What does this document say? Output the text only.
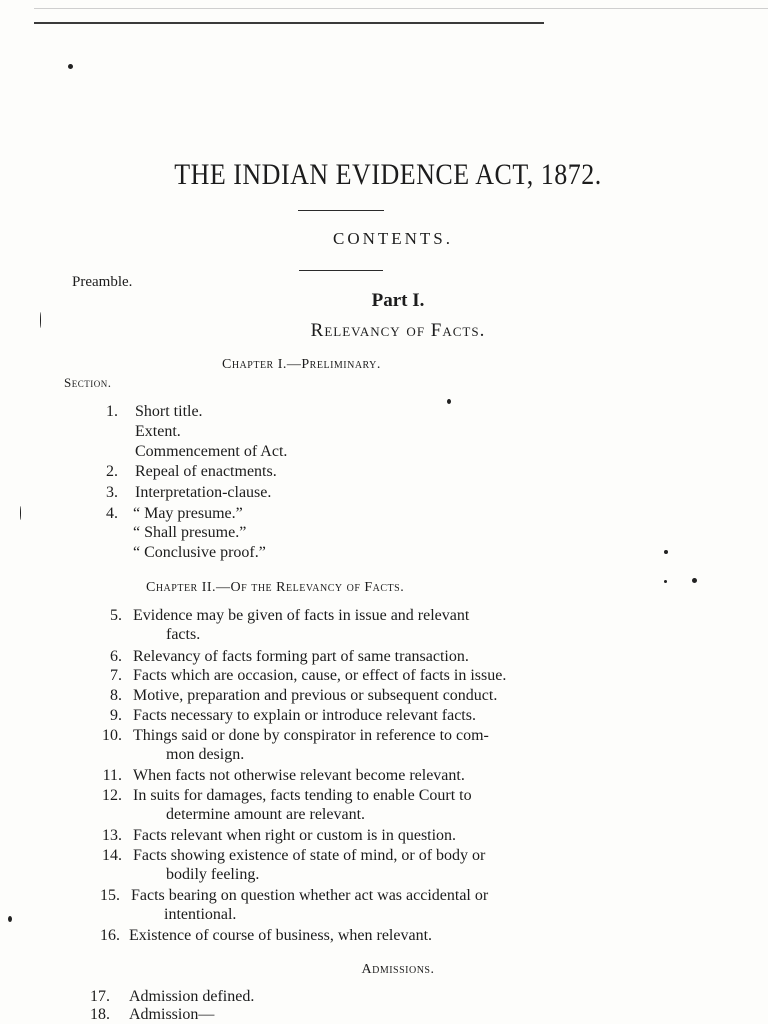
THE INDIAN EVIDENCE ACT, 1872.
CONTENTS.
Preamble.
Part I.
Relevancy of Facts.
Chapter I.—Preliminary.
Section.
1. Short title.
Extent.
Commencement of Act.
2. Repeal of enactments.
3. Interpretation-clause.
4. “ May presume.”
“ Shall presume.”
“ Conclusive proof.”
Chapter II.—Of the Relevancy of Facts.
5. Evidence may be given of facts in issue and relevant
facts.
6. Relevancy of facts forming part of same transaction.
7. Facts which are occasion, cause, or effect of facts in issue.
8. Motive, preparation and previous or subsequent conduct.
9. Facts necessary to explain or introduce relevant facts.
10. Things said or done by conspirator in reference to com-
mon design.
11. When facts not otherwise relevant become relevant.
12. In suits for damages, facts tending to enable Court to
determine amount are relevant.
13. Facts relevant when right or custom is in question.
14. Facts showing existence of state of mind, or of body or
bodily feeling.
15. Facts bearing on question whether act was accidental or
intentional.
16. Existence of course of business, when relevant.
Admissions.
17. Admission defined.
18. Admission—
